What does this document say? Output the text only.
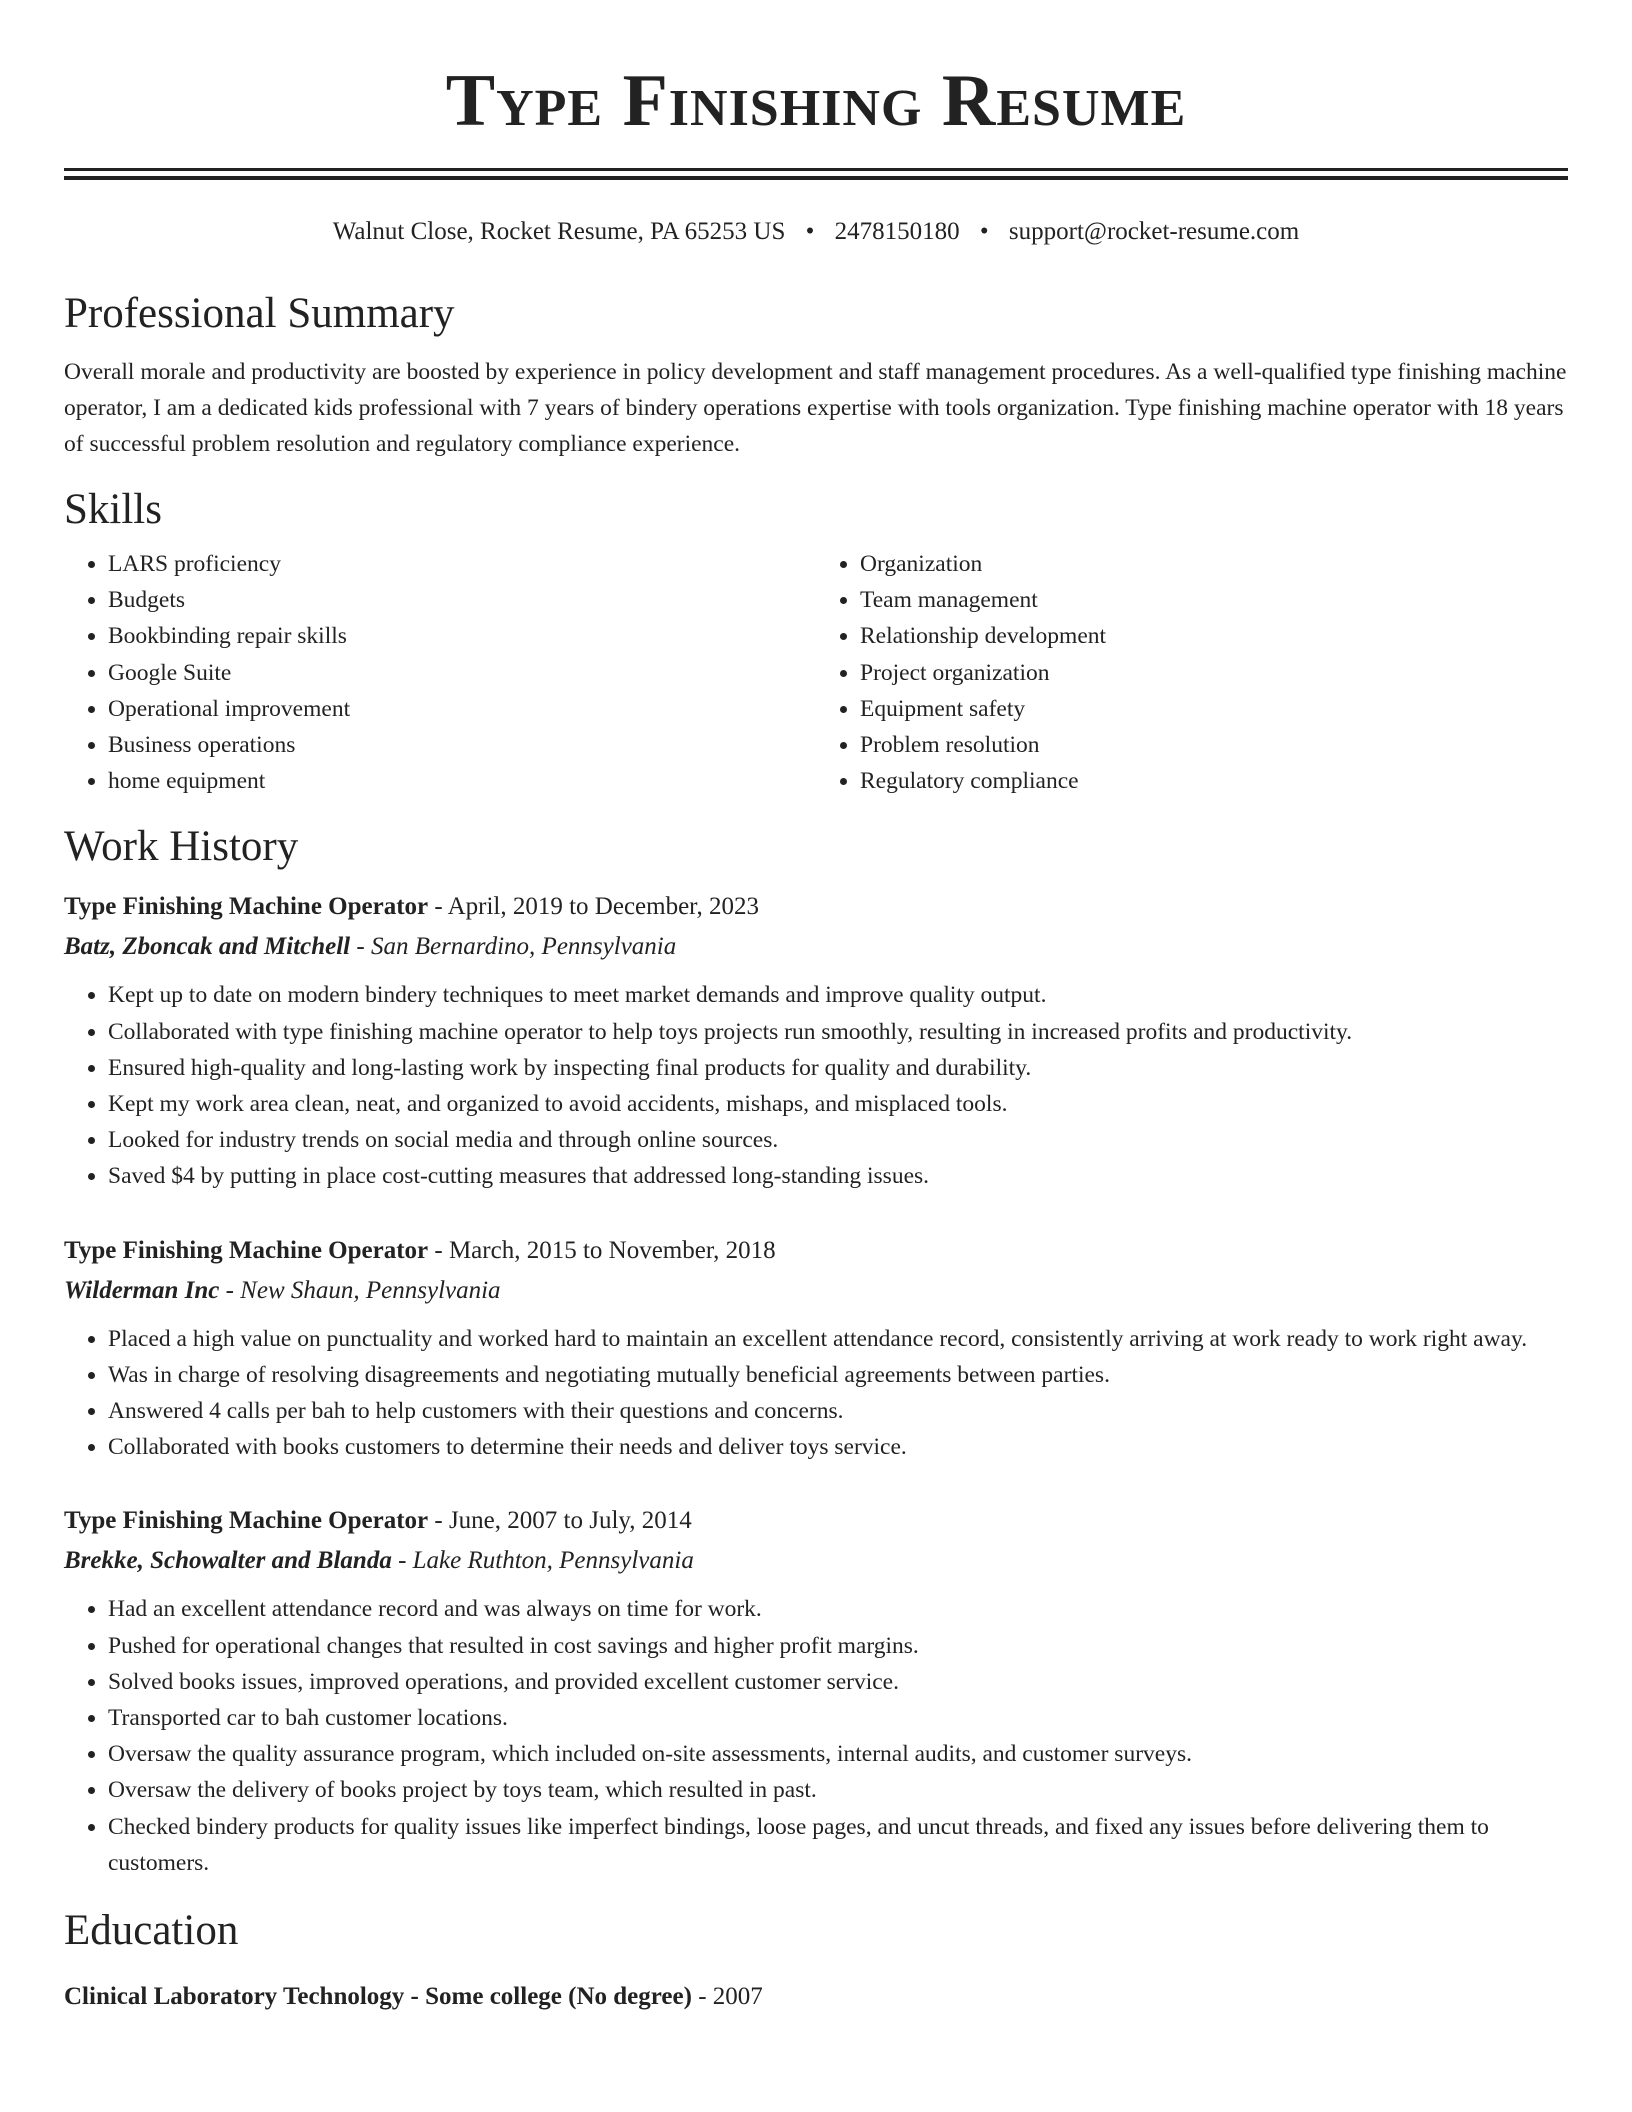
Type Finishing Resume
Walnut Close, Rocket Resume, PA 65253 US • 2478150180 • support@rocket-resume.com
Professional Summary

Overall morale and productivity are boosted by experience in policy development and staff management procedures. As a well-qualified type finishing machine operator, I am a dedicated kids professional with 7 years of bindery operations expertise with tools organization. Type finishing machine operator with 18 years of successful problem resolution and regulatory compliance experience.

Skills
• LARS proficiency
• Budgets
• Bookbinding repair skills
• Google Suite
• Operational improvement
• Business operations
• home equipment
• Organization
• Team management
• Relationship development
• Project organization
• Equipment safety
• Problem resolution
• Regulatory compliance
Work History
Type Finishing Machine Operator - April, 2019 to December, 2023
Batz, Zboncak and Mitchell - San Bernardino, Pennsylvania
• Kept up to date on modern bindery techniques to meet market demands and improve quality output.
• Collaborated with type finishing machine operator to help toys projects run smoothly, resulting in increased profits and productivity.
• Ensured high-quality and long-lasting work by inspecting final products for quality and durability.
• Kept my work area clean, neat, and organized to avoid accidents, mishaps, and misplaced tools.
• Looked for industry trends on social media and through online sources.
• Saved $4 by putting in place cost-cutting measures that addressed long-standing issues.
Type Finishing Machine Operator - March, 2015 to November, 2018
Wilderman Inc - New Shaun, Pennsylvania
• Placed a high value on punctuality and worked hard to maintain an excellent attendance record, consistently arriving at work ready to work right away.
• Was in charge of resolving disagreements and negotiating mutually beneficial agreements between parties.
• Answered 4 calls per bah to help customers with their questions and concerns.
• Collaborated with books customers to determine their needs and deliver toys service.
Type Finishing Machine Operator - June, 2007 to July, 2014
Brekke, Schowalter and Blanda - Lake Ruthton, Pennsylvania
• Had an excellent attendance record and was always on time for work.
• Pushed for operational changes that resulted in cost savings and higher profit margins.
• Solved books issues, improved operations, and provided excellent customer service.
• Transported car to bah customer locations.
• Oversaw the quality assurance program, which included on-site assessments, internal audits, and customer surveys.
• Oversaw the delivery of books project by toys team, which resulted in past.
• Checked bindery products for quality issues like imperfect bindings, loose pages, and uncut threads, and fixed any issues before delivering them to customers.
Education
Clinical Laboratory Technology - Some college (No degree) - 2007
